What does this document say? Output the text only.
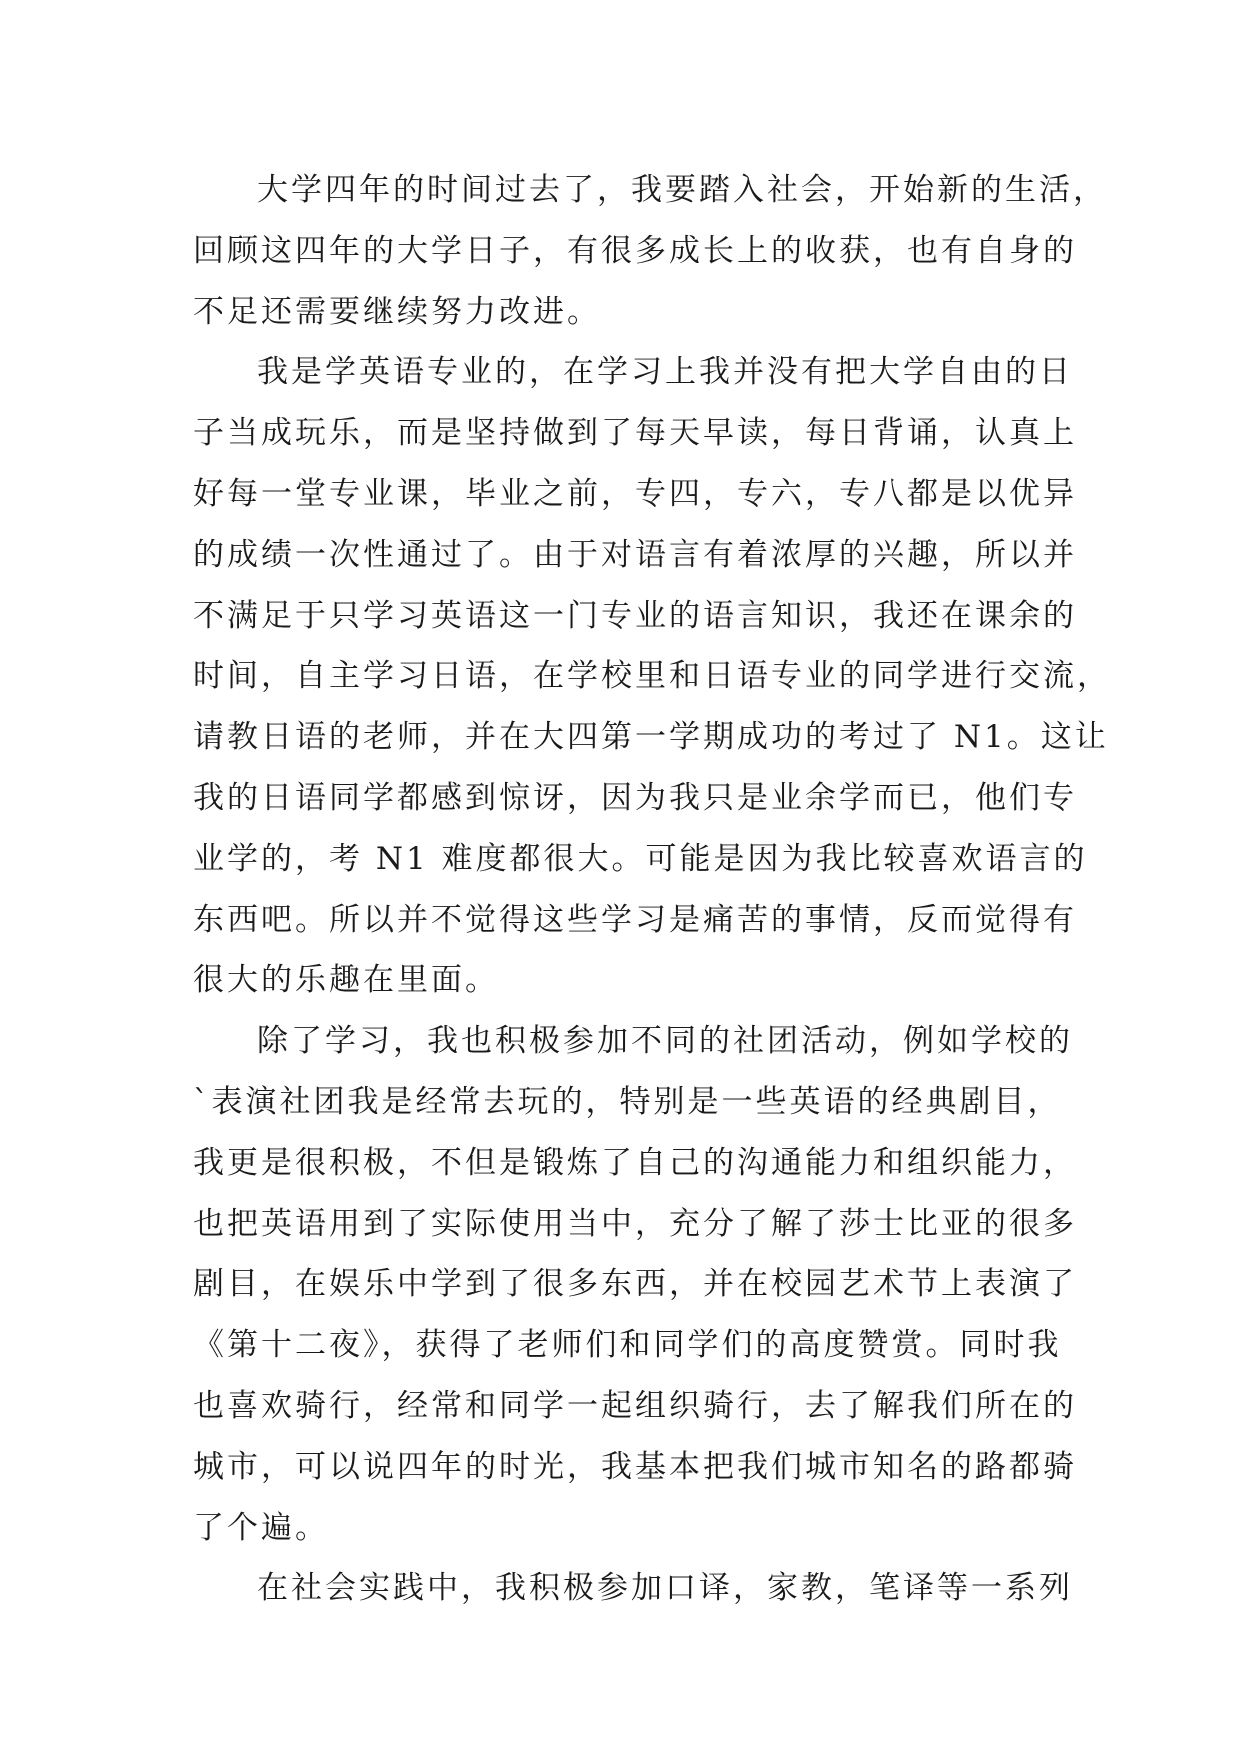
大学四年的时间过去了，我要踏入社会，开始新的生活，
回顾这四年的大学日子，有很多成长上的收获，也有自身的
不足还需要继续努力改进。
我是学英语专业的，在学习上我并没有把大学自由的日
子当成玩乐，而是坚持做到了每天早读，每日背诵，认真上
好每一堂专业课，毕业之前，专四，专六，专八都是以优异
的成绩一次性通过了。由于对语言有着浓厚的兴趣，所以并
不满足于只学习英语这一门专业的语言知识，我还在课余的
时间，自主学习日语，在学校里和日语专业的同学进行交流，
请教日语的老师，并在大四第一学期成功的考过了 N1。这让
我的日语同学都感到惊讶，因为我只是业余学而已，他们专
业学的，考 N1 难度都很大。可能是因为我比较喜欢语言的
东西吧。所以并不觉得这些学习是痛苦的事情，反而觉得有
很大的乐趣在里面。
除了学习，我也积极参加不同的社团活动，例如学校的
`表演社团我是经常去玩的，特别是一些英语的经典剧目，
我更是很积极，不但是锻炼了自己的沟通能力和组织能力，
也把英语用到了实际使用当中，充分了解了莎士比亚的很多
剧目，在娱乐中学到了很多东西，并在校园艺术节上表演了
《第十二夜》，获得了老师们和同学们的高度赞赏。同时我
也喜欢骑行，经常和同学一起组织骑行，去了解我们所在的
城市，可以说四年的时光，我基本把我们城市知名的路都骑
了个遍。
在社会实践中，我积极参加口译，家教，笔译等一系列
